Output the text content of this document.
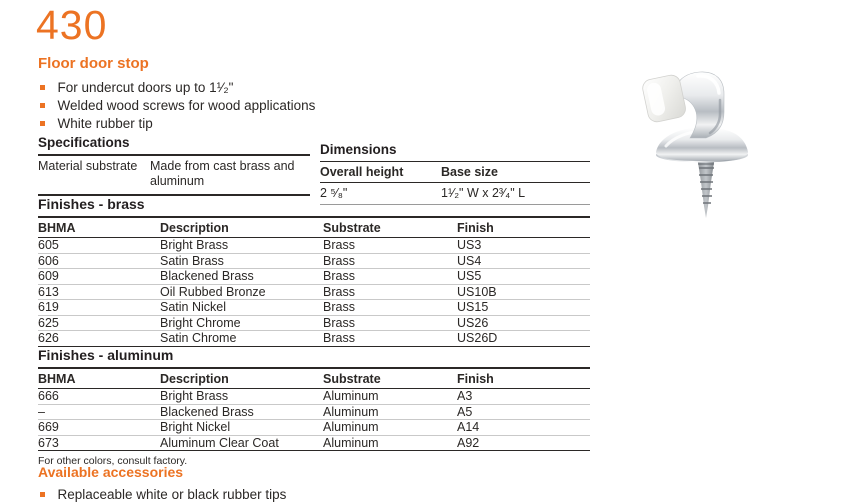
430
Floor door stop
For undercut doors up to 1¹⁄₂"
Welded wood screws for wood applications
White rubber tip
Specifications
Material substrate	Made from cast brass and aluminum
Dimensions
Overall height	Base size
2 ⁵⁄₈"	1¹⁄₂" W x 2³⁄₄" L
Finishes - brass
BHMA	Description	Substrate	Finish
605	Bright Brass	Brass	US3
606	Satin Brass	Brass	US4
609	Blackened Brass	Brass	US5
613	Oil Rubbed Bronze	Brass	US10B
619	Satin Nickel	Brass	US15
625	Bright Chrome	Brass	US26
626	Satin Chrome	Brass	US26D
Finishes - aluminum
BHMA	Description	Substrate	Finish
666	Bright Brass	Aluminum	A3
–	Blackened Brass	Aluminum	A5
669	Bright Nickel	Aluminum	A14
673	Aluminum Clear Coat	Aluminum	A92
For other colors, consult factory.
Available accessories
Replaceable white or black rubber tips
